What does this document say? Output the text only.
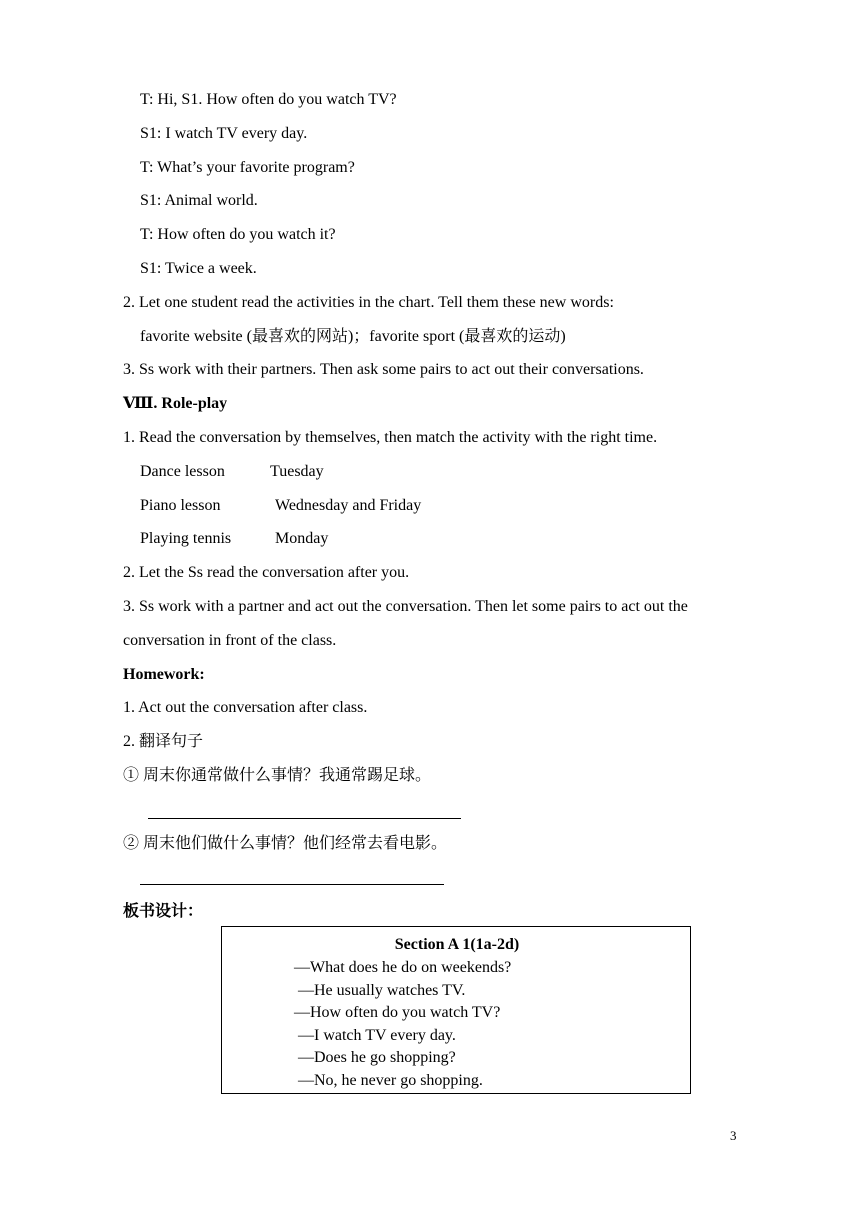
T: Hi, S1. How often do you watch TV?
S1: I watch TV every day.
T: What’s your favorite program?
S1: Animal world.
T: How often do you watch it?
S1: Twice a week.
2. Let one student read the activities in the chart. Tell them these new words:
favorite website (最喜欢的网站)；favorite sport (最喜欢的运动)
3. Ss work with their partners. Then ask some pairs to act out their conversations.
Ⅷ. Role-play
1. Read the conversation by themselves, then match the activity with the right time.
Dance lesson	Tuesday
Piano lesson	Wednesday and Friday
Playing tennis	Monday
2. Let the Ss read the conversation after you.
3. Ss work with a partner and act out the conversation. Then let some pairs to act out the
conversation in front of the class.
Homework:
1. Act out the conversation after class.
2. 翻译句子
① 周末你通常做什么事情？我通常踢足球。
② 周末他们做什么事情？他们经常去看电影。
板书设计：
Section A 1(1a-2d)
—What does he do on weekends?
—He usually watches TV.
—How often do you watch TV?
—I watch TV every day.
—Does he go shopping?
—No, he never go shopping.
3
